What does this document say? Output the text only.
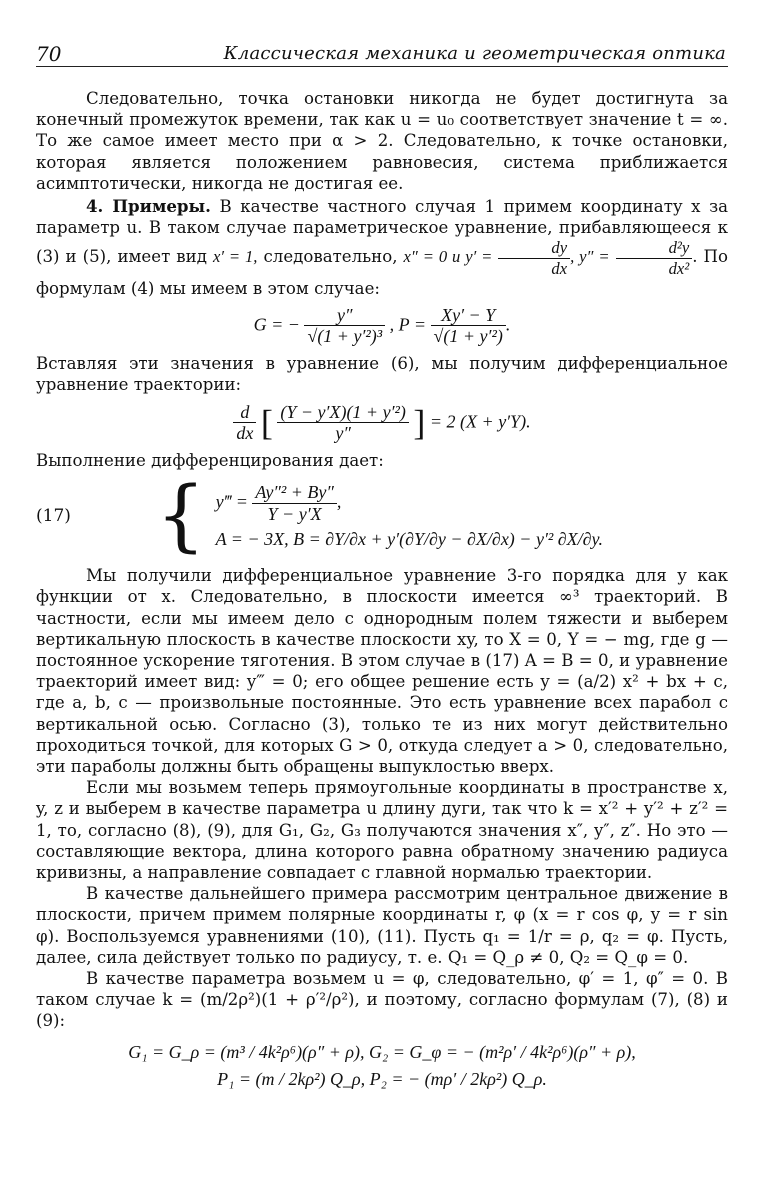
70	Классическая механика и геометрическая оптика

Следовательно, точка остановки никогда не будет достигнута за конечный промежуток времени, так как u = u₀ соответствует значение t = ∞. То же самое имеет место при α > 2. Следовательно, к точке остановки, которая является положением равновесия, система приближается асимптотически, никогда не достигая ее.

4. Примеры. В качестве частного случая 1 примем координату x за параметр u. В таком случае параметрическое уравнение, прибавляющееся к (3) и (5), имеет вид x′ = 1, следовательно, x″ = 0 и $y' = \frac{dy}{dx}$ , $y'' = \frac{\text{d²y}}{\text{dx²}}$ . По формулам (4) мы имеем в этом случае:

G = − $\frac{y''}{\text{√(1 + y′²)³}}$ , $P = \frac{Xy' - Y}{\text{√(1 + y′²)}}$ .

Вставляя эти значения в уравнение (6), мы получим дифференциальное уравнение траектории:

$\frac{d}{dx}$ [ $\frac{\text{(Y − y′X)(1 + y′²)}}{y''}$ ] = 2 (X + y′Y).

Выполнение дифференцирования дает:

(17)	{ y‴ = $\frac{\text{Ay″² + By″}}{Y - y'X}$ ,
A = − 3X, B = ∂Y/∂x + y′(∂Y/∂y − ∂X/∂x) − y′² ∂X/∂y.

Мы получили дифференциальное уравнение 3-го порядка для y как функции от x. Следовательно, в плоскости имеется ∞³ траекторий. В частности, если мы имеем дело с однородным полем тяжести и выберем вертикальную плоскость в качестве плоскости xy, то X = 0, Y = − mg, где g — постоянное ускорение тяготения. В этом случае в (17) A = B = 0, и уравнение траекторий имеет вид: y‴ = 0; его общее решение есть y = (a/2) x² + bx + c, где a, b, c — произвольные постоянные. Это есть уравнение всех парабол с вертикальной осью. Согласно (3), только те из них могут действительно проходиться точкой, для которых G > 0, откуда следует a > 0, следовательно, эти параболы должны быть обращены выпуклостью вверх.

Если мы возьмем теперь прямоугольные координаты в пространстве x, y, z и выберем в качестве параметра u длину дуги, так что k = x′² + y′² + z′² = 1, то, согласно (8), (9), для G₁, G₂, G₃ получаются значения x″, y″, z″. Но это — составляющие вектора, длина которого равна обратному значению радиуса кривизны, а направление совпадает с главной нормалью траектории.

В качестве дальнейшего примера рассмотрим центральное движение в плоскости, причем примем полярные координаты r, φ (x = r cos φ, y = r sin φ). Воспользуемся уравнениями (10), (11). Пусть q₁ = 1/r = ρ, q₂ = φ. Пусть, далее, сила действует только по радиусу, т. е. Q₁ = Q_ρ ≠ 0, Q₂ = Q_φ = 0.

В качестве параметра возьмем u = φ, следовательно, φ′ = 1, φ″ = 0. В таком случае k = (m/2ρ²)(1 + ρ′²/ρ²), и поэтому, согласно формулам (7), (8) и (9):

G₁ = G_ρ = (m³ / 4k²ρ⁶)(ρ″ + ρ), G₂ = G_φ = − (m²ρ′ / 4k²ρ⁶)(ρ″ + ρ),
P₁ = (m / 2kρ²) Q_ρ, P₂ = − (mρ′ / 2kρ²) Q_ρ.
